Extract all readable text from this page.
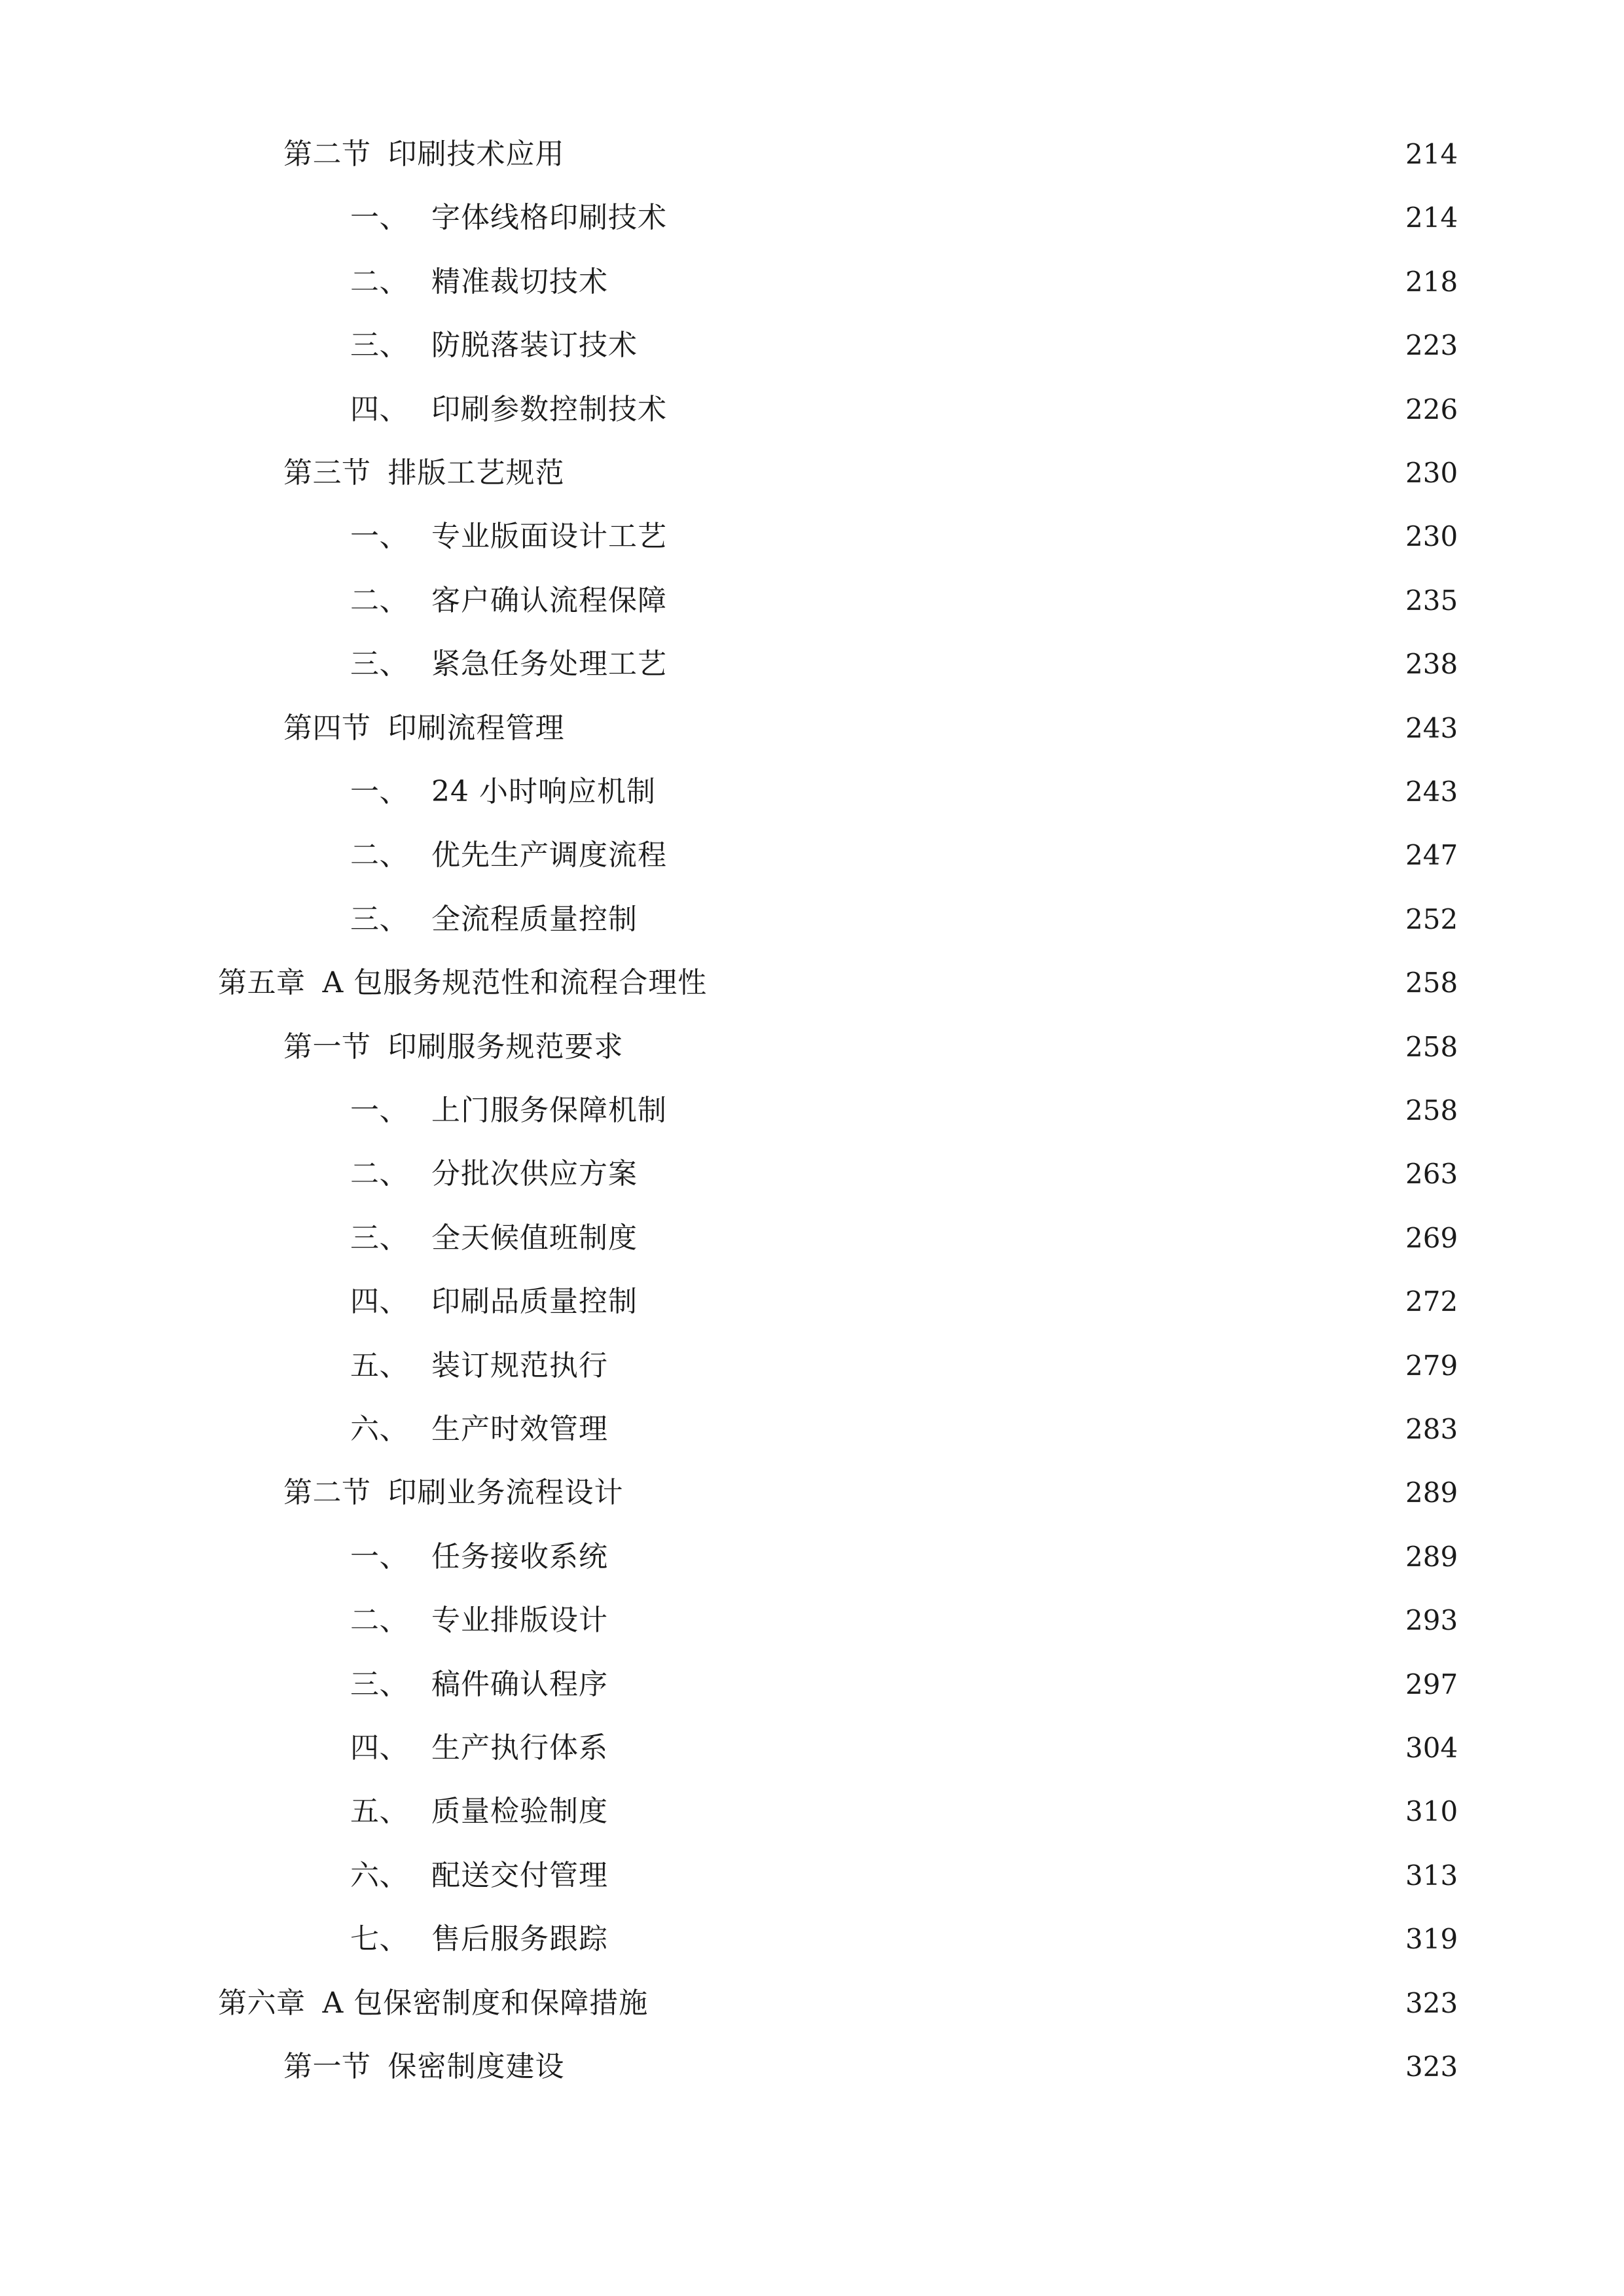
第二节 印刷技术应用	214
一、 字体线格印刷技术	214
二、 精准裁切技术	218
三、 防脱落装订技术	223
四、 印刷参数控制技术	226
第三节 排版工艺规范	230
一、 专业版面设计工艺	230
二、 客户确认流程保障	235
三、 紧急任务处理工艺	238
第四节 印刷流程管理	243
一、 24 小时响应机制	243
二、 优先生产调度流程	247
三、 全流程质量控制	252
第五章 A 包服务规范性和流程合理性	258
第一节 印刷服务规范要求	258
一、 上门服务保障机制	258
二、 分批次供应方案	263
三、 全天候值班制度	269
四、 印刷品质量控制	272
五、 装订规范执行	279
六、 生产时效管理	283
第二节 印刷业务流程设计	289
一、 任务接收系统	289
二、 专业排版设计	293
三、 稿件确认程序	297
四、 生产执行体系	304
五、 质量检验制度	310
六、 配送交付管理	313
七、 售后服务跟踪	319
第六章 A 包保密制度和保障措施	323
第一节 保密制度建设	323
